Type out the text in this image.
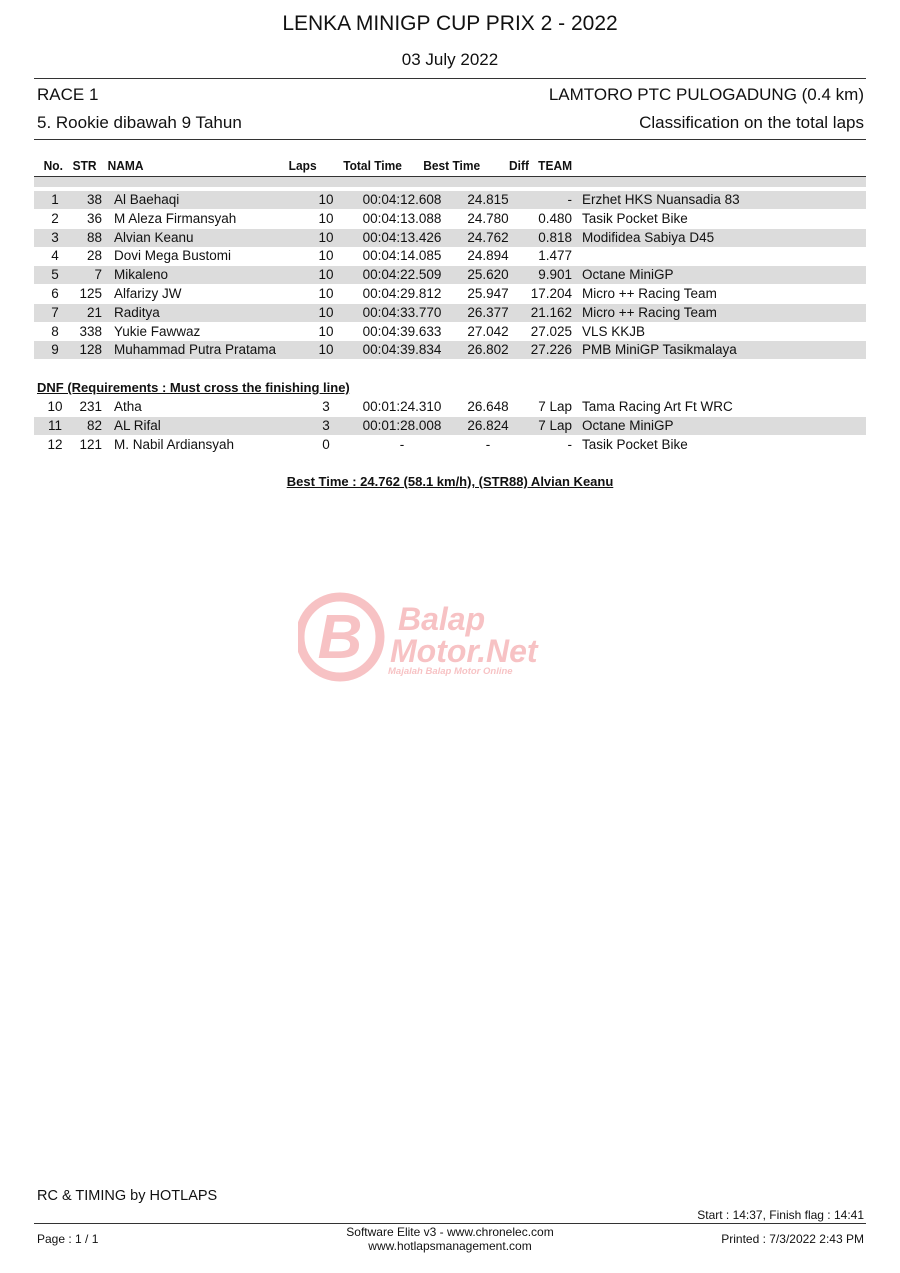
LENKA MINIGP CUP PRIX 2 - 2022
03 July 2022
RACE 1	LAMTORO PTC PULOGADUNG (0.4 km)
5. Rookie dibawah 9 Tahun	Classification on the total laps
No. STR NAMA	Laps	Total Time	Best Time	Diff TEAM
1	38 Al Baehaqi	10	00:04:12.608	24.815	- Erzhet HKS Nuansadia 83
2	36 M Aleza Firmansyah	10	00:04:13.088	24.780	0.480 Tasik Pocket Bike
3	88 Alvian Keanu	10	00:04:13.426	24.762	0.818 Modifidea Sabiya D45
4	28 Dovi Mega Bustomi	10	00:04:14.085	24.894	1.477
5	7 Mikaleno	10	00:04:22.509	25.620	9.901 Octane MiniGP
6	125 Alfarizy JW	10	00:04:29.812	25.947	17.204 Micro ++ Racing Team
7	21 Raditya	10	00:04:33.770	26.377	21.162 Micro ++ Racing Team
8	338 Yukie Fawwaz	10	00:04:39.633	27.042	27.025 VLS KKJB
9	128 Muhammad Putra Pratama	10	00:04:39.834	26.802	27.226 PMB MiniGP Tasikmalaya
DNF (Requirements : Must cross the finishing line)
10	231 Atha	3	00:01:24.310	26.648	7 Lap Tama Racing Art Ft WRC
11	82 AL Rifal	3	00:01:28.008	26.824	7 Lap Octane MiniGP
12	121 M. Nabil Ardiansyah	0	-	-	- Tasik Pocket Bike
Best Time : 24.762 (58.1 km/h), (STR88) Alvian Keanu
B Balap
Motor.Net
Majalah Balap Motor Online
RC & TIMING by HOTLAPS
Start : 14:37, Finish flag : 14:41
Page : 1 / 1	Software Elite v3 - www.chronelec.com
www.hotlapsmanagement.com	Printed : 7/3/2022 2:43 PM
